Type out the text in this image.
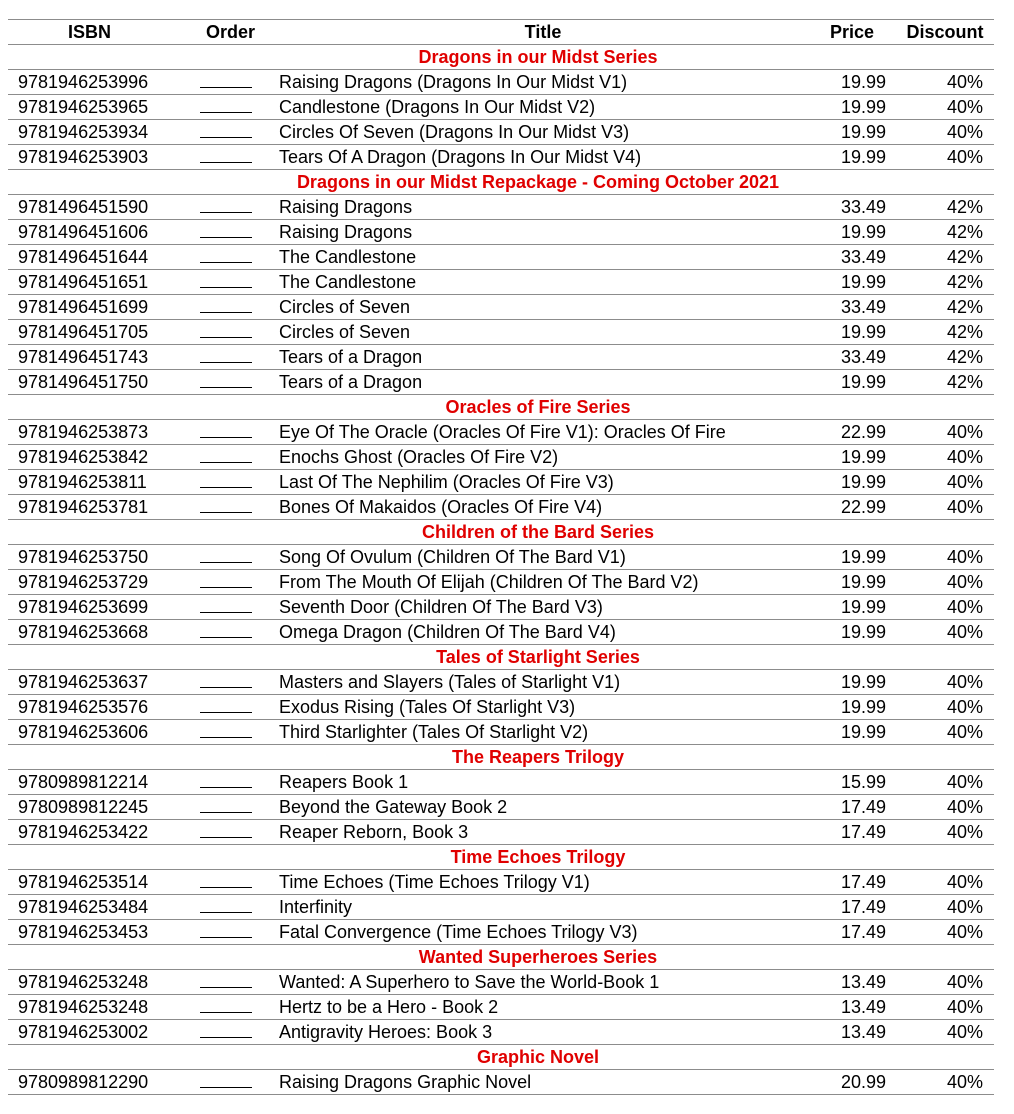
ISBN	Order	Title	Price	Discount
Dragons in our Midst Series				
9781946253996		Raising Dragons (Dragons In Our Midst V1)	19.99	40%
9781946253965		Candlestone (Dragons In Our Midst V2)	19.99	40%
9781946253934		Circles Of Seven (Dragons In Our Midst V3)	19.99	40%
9781946253903		Tears Of A Dragon (Dragons In Our Midst V4)	19.99	40%
Dragons in our Midst Repackage - Coming October 2021				
9781496451590		Raising Dragons	33.49	42%
9781496451606		Raising Dragons	19.99	42%
9781496451644		The Candlestone	33.49	42%
9781496451651		The Candlestone	19.99	42%
9781496451699		Circles of Seven	33.49	42%
9781496451705		Circles of Seven	19.99	42%
9781496451743		Tears of a Dragon	33.49	42%
9781496451750		Tears of a Dragon	19.99	42%
Oracles of Fire Series				
9781946253873		Eye Of The Oracle (Oracles Of Fire V1): Oracles Of Fire	22.99	40%
9781946253842		Enochs Ghost (Oracles Of Fire V2)	19.99	40%
9781946253811		Last Of The Nephilim (Oracles Of Fire V3)	19.99	40%
9781946253781		Bones Of Makaidos (Oracles Of Fire V4)	22.99	40%
Children of the Bard Series				
9781946253750		Song Of Ovulum (Children Of The Bard V1)	19.99	40%
9781946253729		From The Mouth Of Elijah (Children Of The Bard V2)	19.99	40%
9781946253699		Seventh Door (Children Of The Bard V3)	19.99	40%
9781946253668		Omega Dragon (Children Of The Bard V4)	19.99	40%
Tales of Starlight Series				
9781946253637		Masters and Slayers (Tales of Starlight V1)	19.99	40%
9781946253576		Exodus Rising (Tales Of Starlight V3)	19.99	40%
9781946253606		Third Starlighter (Tales Of Starlight V2)	19.99	40%
The Reapers Trilogy				
9780989812214		Reapers Book 1	15.99	40%
9780989812245		Beyond the Gateway Book 2	17.49	40%
9781946253422		Reaper Reborn, Book 3	17.49	40%
Time Echoes Trilogy				
9781946253514		Time Echoes (Time Echoes Trilogy V1)	17.49	40%
9781946253484		Interfinity	17.49	40%
9781946253453		Fatal Convergence (Time Echoes Trilogy V3)	17.49	40%
Wanted Superheroes Series				
9781946253248		Wanted: A Superhero to Save the World-Book 1	13.49	40%
9781946253248		Hertz to be a Hero - Book 2	13.49	40%
9781946253002		Antigravity Heroes: Book 3	13.49	40%
Graphic Novel				
9780989812290		Raising Dragons Graphic Novel	20.99	40%
